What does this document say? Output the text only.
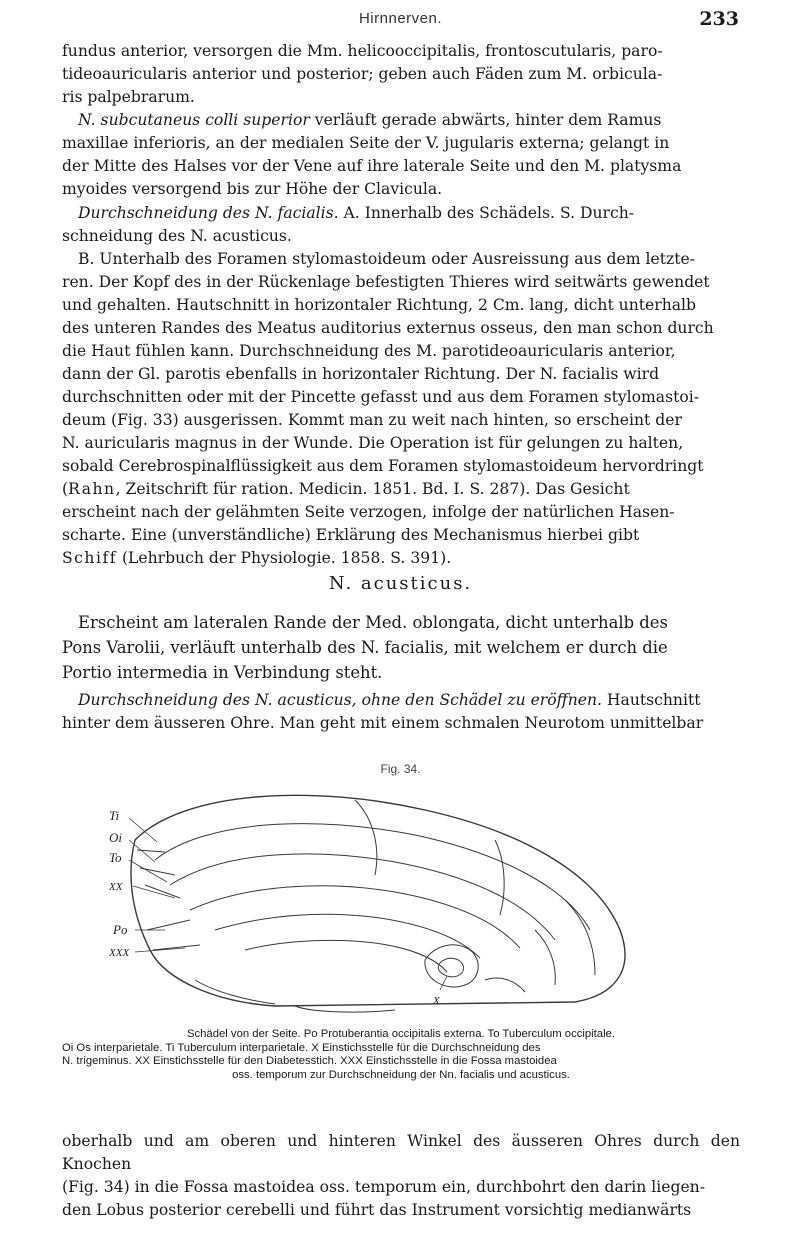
Hirnnerven.	233
fundus anterior, versorgen die Mm. helicooccipitalis, frontoscutularis, paro-
tideoauricularis anterior und posterior; geben auch Fäden zum M. orbicula-
ris palpebrarum.
N. subcutaneus colli superior verläuft gerade abwärts, hinter dem Ramus
maxillae inferioris, an der medialen Seite der V. jugularis externa; gelangt in
der Mitte des Halses vor der Vene auf ihre laterale Seite und den M. platysma
myoides versorgend bis zur Höhe der Clavicula.
Durchschneidung des N. facialis. A. Innerhalb des Schädels. S. Durch-
schneidung des N. acusticus.
B. Unterhalb des Foramen stylomastoideum oder Ausreissung aus dem letzte-
ren. Der Kopf des in der Rückenlage befestigten Thieres wird seitwärts gewendet
und gehalten. Hautschnitt in horizontaler Richtung, 2 Cm. lang, dicht unterhalb
des unteren Randes des Meatus auditorius externus osseus, den man schon durch
die Haut fühlen kann. Durchschneidung des M. parotideoauricularis anterior,
dann der Gl. parotis ebenfalls in horizontaler Richtung. Der N. facialis wird
durchschnitten oder mit der Pincette gefasst und aus dem Foramen stylomastoi-
deum (Fig. 33) ausgerissen. Kommt man zu weit nach hinten, so erscheint der
N. auricularis magnus in der Wunde. Die Operation ist für gelungen zu halten,
sobald Cerebrospinalflüssigkeit aus dem Foramen stylomastoideum hervordringt
(Rahn, Zeitschrift für ration. Medicin. 1851. Bd. I. S. 287). Das Gesicht
erscheint nach der gelähmten Seite verzogen, infolge der natürlichen Hasen-
scharte. Eine (unverständliche) Erklärung des Mechanismus hierbei gibt
Schiff (Lehrbuch der Physiologie. 1858. S. 391).
N. acusticus.
Erscheint am lateralen Rande der Med. oblongata, dicht unterhalb des
Pons Varolii, verläuft unterhalb des N. facialis, mit welchem er durch die
Portio intermedia in Verbindung steht.
Durchschneidung des N. acusticus, ohne den Schädel zu eröffnen. Hautschnitt
hinter dem äusseren Ohre. Man geht mit einem schmalen Neurotom unmittelbar
Fig. 34.
Ti
Oi
To
XX
Po
XXX
X
Schädel von der Seite. Po Protuberantia occipitalis externa. To Tuberculum occipitale.
Oi Os interparietale. Ti Tuberculum interparietale. X Einstichsstelle für die Durchschneidung des
N. trigeminus. XX Einstichsstelle für den Diabetesstich. XXX Einstichsstelle in die Fossa mastoidea
oss. temporum zur Durchschneidung der Nn. facialis und acusticus.
oberhalb und am oberen und hinteren Winkel des äusseren Ohres durch den Knochen
(Fig. 34) in die Fossa mastoidea oss. temporum ein, durchbohrt den darin liegen-
den Lobus posterior cerebelli und führt das Instrument vorsichtig medianwärts
